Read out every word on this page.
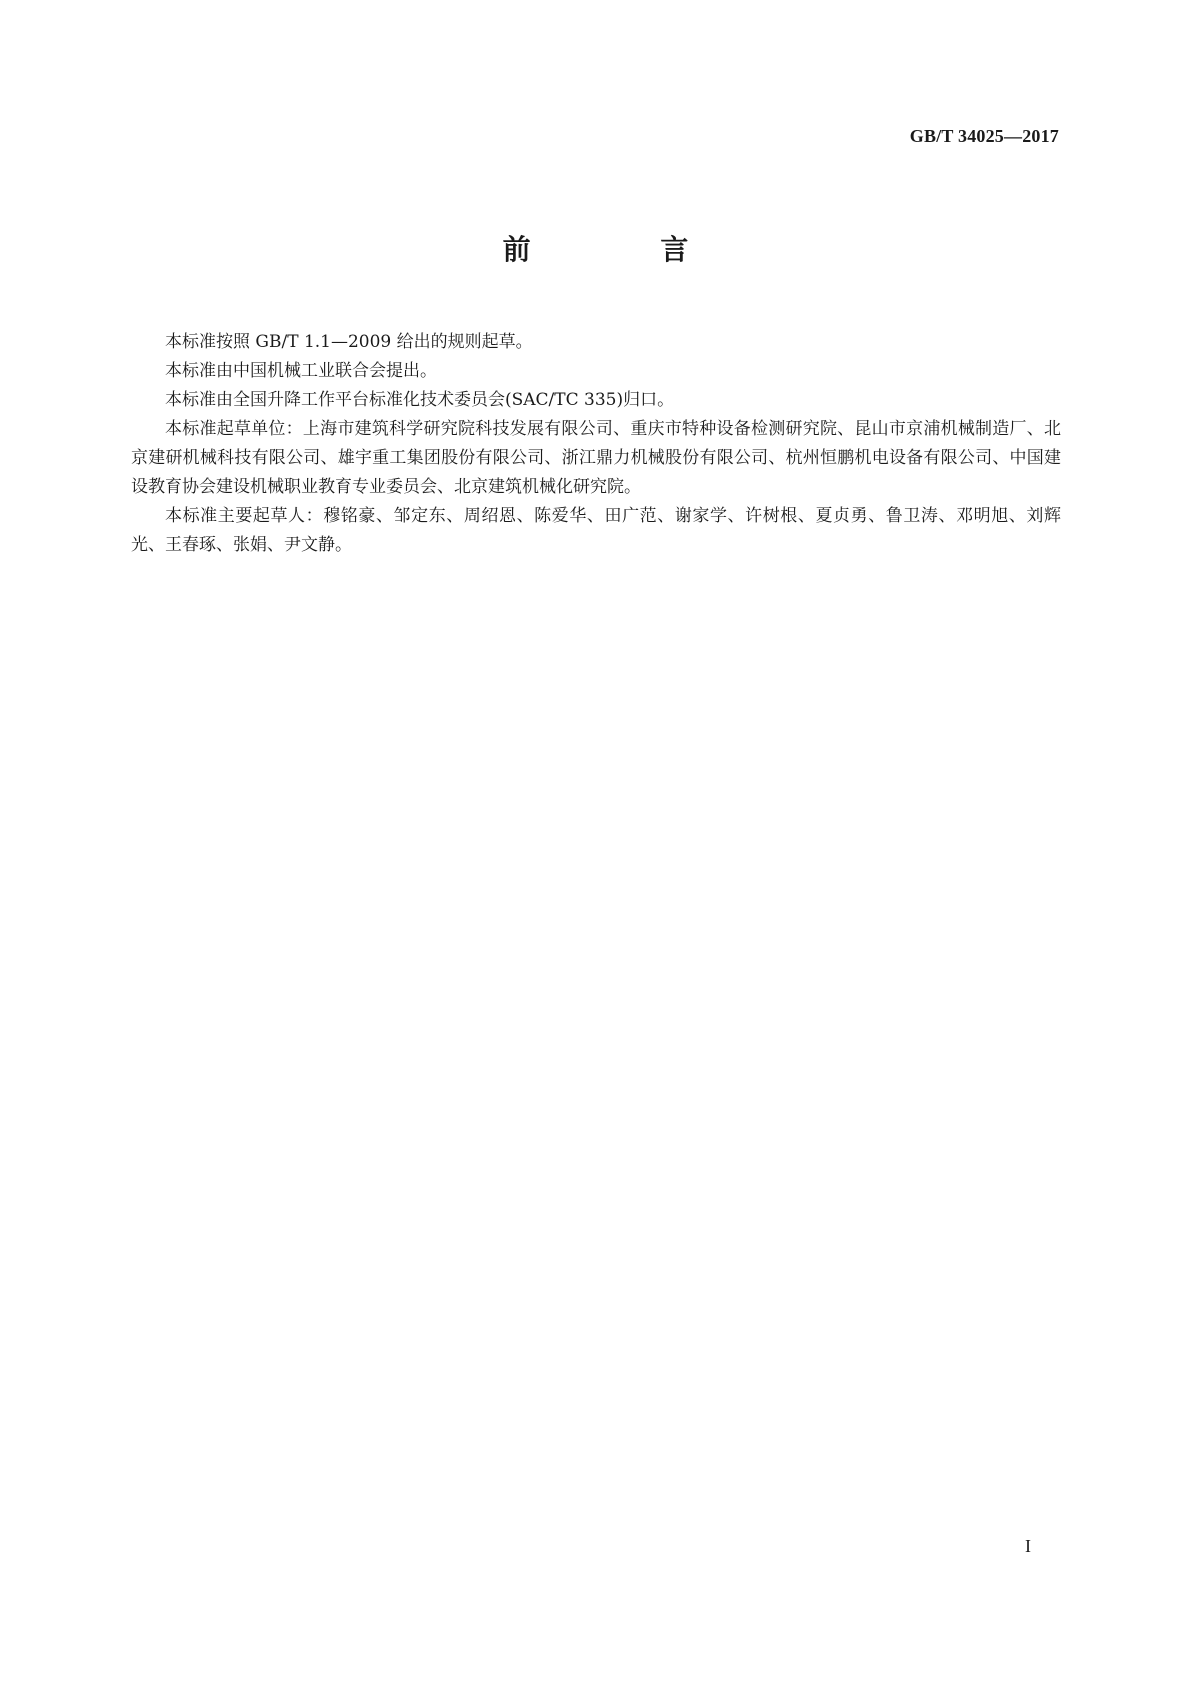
GB/T 34025—2017
前 言

本标准按照 GB/T 1.1—2009 给出的规则起草。

本标准由中国机械工业联合会提出。

本标准由全国升降工作平台标准化技术委员会(SAC/TC 335)归口。

本标准起草单位：上海市建筑科学研究院科技发展有限公司、重庆市特种设备检测研究院、昆山市京浦机械制造厂、北京建研机械科技有限公司、雄宇重工集团股份有限公司、浙江鼎力机械股份有限公司、杭州恒鹏机电设备有限公司、中国建设教育协会建设机械职业教育专业委员会、北京建筑机械化研究院。

本标准主要起草人：穆铭豪、邹定东、周绍恩、陈爱华、田广范、谢家学、许树根、夏贞勇、鲁卫涛、邓明旭、刘辉光、王春琢、张娟、尹文静。

I
